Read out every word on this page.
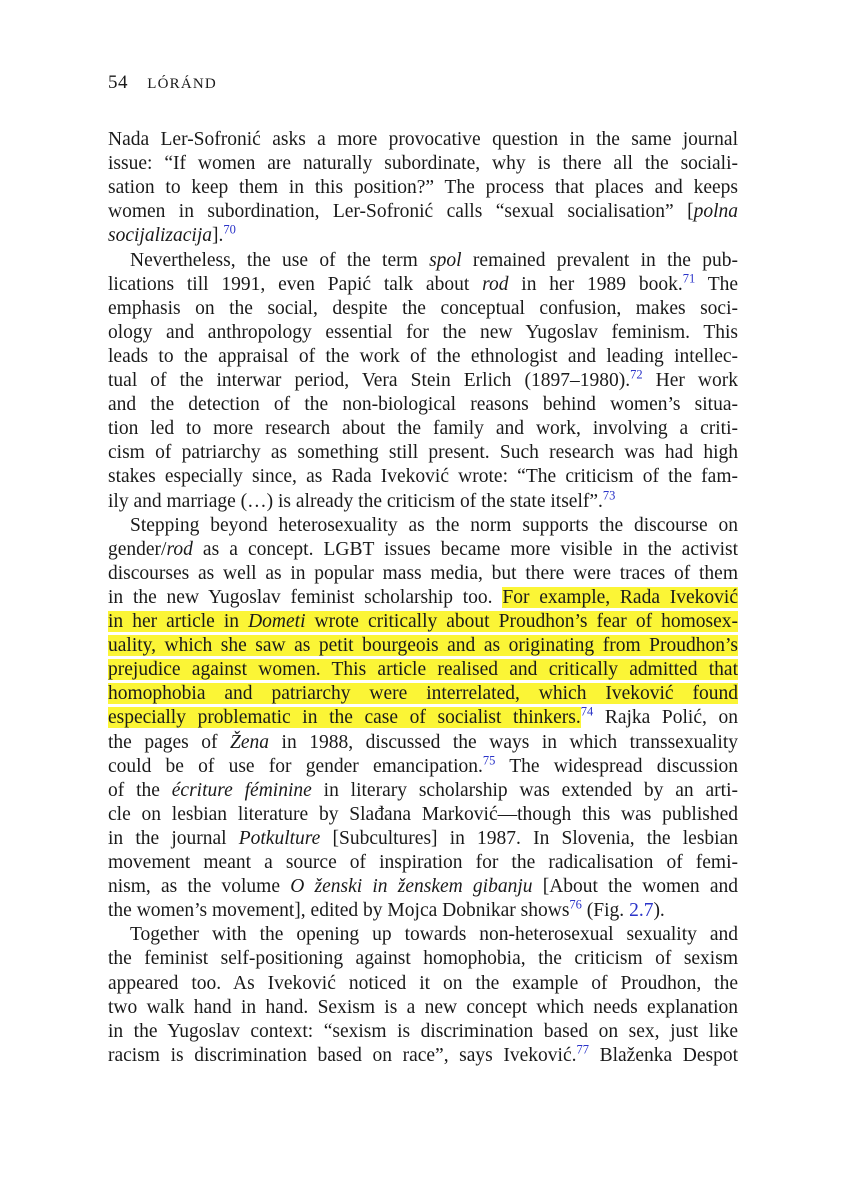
54 LÓRÁND
Nada Ler-Sofronić asks a more provocative question in the same journal
issue: “If women are naturally subordinate, why is there all the sociali-
sation to keep them in this position?” The process that places and keeps
women in subordination, Ler-Sofronić calls “sexual socialisation” [polna
socijalizacija].$^{70}$
Nevertheless, the use of the term spol remained prevalent in the pub-
lications till 1991, even Papić talk about rod in her 1989 book.$^{71}$ The
emphasis on the social, despite the conceptual confusion, makes soci-
ology and anthropology essential for the new Yugoslav feminism. This
leads to the appraisal of the work of the ethnologist and leading intellec-
tual of the interwar period, Vera Stein Erlich (1897–1980).$^{72}$ Her work
and the detection of the non-biological reasons behind women’s situa-
tion led to more research about the family and work, involving a criti-
cism of patriarchy as something still present. Such research was had high
stakes especially since, as Rada Iveković wrote: “The criticism of the fam-
ily and marriage (…) is already the criticism of the state itself”.$^{73}$
Stepping beyond heterosexuality as the norm supports the discourse on
gender/rod as a concept. LGBT issues became more visible in the activist
discourses as well as in popular mass media, but there were traces of them
in the new Yugoslav feminist scholarship too. For example, Rada Iveković
in her article in Dometi wrote critically about Proudhon’s fear of homosex-
uality, which she saw as petit bourgeois and as originating from Proudhon’s
prejudice against women. This article realised and critically admitted that
homophobia and patriarchy were interrelated, which Iveković found
especially problematic in the case of socialist thinkers.$^{74}$ Rajka Polić, on
the pages of Žena in 1988, discussed the ways in which transsexuality
could be of use for gender emancipation.$^{75}$ The widespread discussion
of the écriture féminine in literary scholarship was extended by an arti-
cle on lesbian literature by Slađana Marković—though this was published
in the journal Potkulture [Subcultures] in 1987. In Slovenia, the lesbian
movement meant a source of inspiration for the radicalisation of femi-
nism, as the volume O ženski in ženskem gibanju [About the women and
the women’s movement], edited by Mojca Dobnikar shows$^{76}$ (Fig. 2.7).
Together with the opening up towards non-heterosexual sexuality and
the feminist self-positioning against homophobia, the criticism of sexism
appeared too. As Iveković noticed it on the example of Proudhon, the
two walk hand in hand. Sexism is a new concept which needs explanation
in the Yugoslav context: “sexism is discrimination based on sex, just like
racism is discrimination based on race”, says Iveković.$^{77}$ Blaženka Despot
